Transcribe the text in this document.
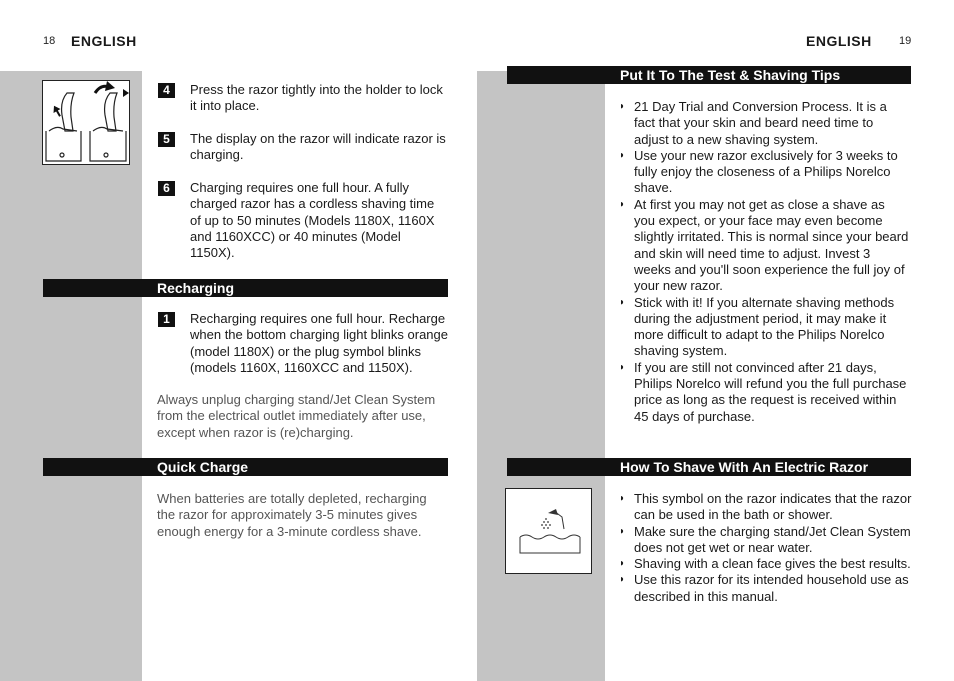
18 ENGLISH
4	Press the razor tightly into the holder to lock it into place.
5	The display on the razor will indicate razor is charging.
6	Charging requires one full hour. A fully charged razor has a cordless shaving time of up to 50 minutes (Models 1180X, 1160X and 1160XCC) or 40 minutes (Model 1150X).
Recharging
1	Recharging requires one full hour. Recharge when the bottom charging light blinks orange (model 1180X) or the plug symbol blinks (models 1160X, 1160XCC and 1150X).
Always unplug charging stand/Jet Clean System from the electrical outlet immediately after use, except when razor is (re)charging.
Quick Charge
When batteries are totally depleted, recharging the razor for approximately 3-5 minutes gives enough energy for a 3-minute cordless shave.
ENGLISH 19
Put It To The Test & Shaving Tips
◗ 21 Day Trial and Conversion Process. It is a fact that your skin and beard need time to adjust to a new shaving system.
◗ Use your new razor exclusively for 3 weeks to fully enjoy the closeness of a Philips Norelco shave.
◗ At first you may not get as close a shave as you expect, or your face may even become slightly irritated. This is normal since your beard and skin will need time to adjust. Invest 3 weeks and you'll soon experience the full joy of your new razor.
◗ Stick with it! If you alternate shaving methods during the adjustment period, it may make it more difficult to adapt to the Philips Norelco shaving system.
◗ If you are still not convinced after 21 days, Philips Norelco will refund you the full purchase price as long as the request is received within 45 days of purchase.
How To Shave With An Electric Razor
◗ This symbol on the razor indicates that the razor can be used in the bath or shower.
◗ Make sure the charging stand/Jet Clean System does not get wet or near water.
◗ Shaving with a clean face gives the best results.
◗ Use this razor for its intended household use as described in this manual.
